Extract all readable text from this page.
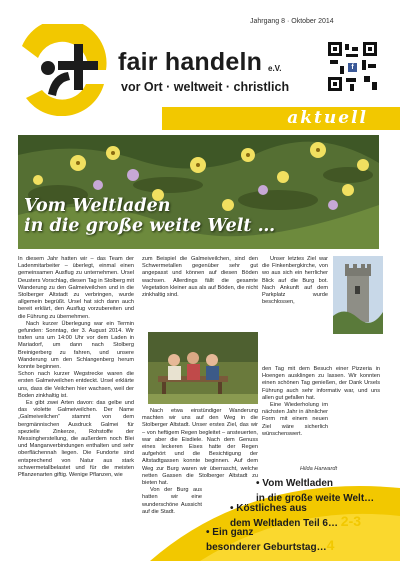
Jahrgang 8 · Oktober 2014
fair handeln e.V.
vor Ort · weltweit · christlich
f
aktuell
Vom Weltladen
in die große weite Welt …

In diesem Jahr hatten wir – das Team der Ladenmitarbeiter – überlegt, einmal einen gemeinsamen Ausflug zu unternehmen. Ursel Deusters Vorschlag, diesen Tag in Stolberg mit Wanderung zu den Galmeiveilchen und in die Stolberger Altstadt zu verbringen, wurde allgemein begrüßt. Ursel hat sich dann auch bereit erklärt, den Ausflug vorzubereiten und die Führung zu übernehmen.

Nach kurzer Überlegung war ein Termin gefunden: Sonntag, der 3. August 2014. Wir trafen uns um 14:00 Uhr vor dem Laden in Mariadorf, um dann nach Stolberg Breinigerberg zu fahren, und unsere Wanderung um den Schlangenberg herum konnte beginnen.

Schon nach kurzer Wegstrecke waren die ersten Galmeiveilchen entdeckt. Ursel erklärte uns, dass die Veilchen hier wachsen, weil der Boden zinkhaltig ist.

Es gibt zwei Arten davon: das gelbe und das violette Galmeiveilchen. Der Name „Galmeiveilchen“ stammt von dem bergmännischen Ausdruck Galmei für spezielle Zinkerze, Rohstoffe der Messingherstellung, die außerdem noch Blei und Manganverbindungen enthalten und sehr oberflächennah liegen. Die Fundorte sind entsprechend von Natur aus stark schwermetallbelastet und für die meisten Pflanzenarten giftig. Wenige Pflanzen, wie

zum Beispiel die Galmeiveilchen, sind den Schwermetallen gegenüber sehr gut angepasst und können auf diesen Böden wachsen. Allerdings fällt die gesamte Vegetation kleiner aus als auf Böden, die nicht zinkhaltig sind.

Nach etwa einstündiger Wanderung machten wir uns auf den Weg in die Stolberger Altstadt. Unser erstes Ziel, das wir – von heftigem Regen begleitet – ansteuerten, war aber die Eisdiele. Nach dem Genuss eines leckeren Eises hatte der Regen aufgehört und die Besichtigung der Altstadtgassen konnte beginnen. Auf dem Weg zur Burg waren wir überrascht, welche netten Gassen die Stolberger Altstadt zu bieten hat.

Von der Burg aus hatten wir eine wunderschöne Aussicht auf die Stadt.

Unser letztes Ziel war die Finkenbergkirche, von wo aus sich ein herrlicher Blick auf die Burg bot. Nach Ankunft auf dem Parkplatz wurde beschlossen,

den Tag mit dem Besuch einer Pizzeria in Hoengen ausklingen zu lassen. Wir konnten einen schönen Tag genießen, der Dank Ursels Führung auch sehr informativ war, und uns allen gut gefallen hat.

Eine Wiederholung im nächsten Jahr in ähnlicher Form mit einem neuen Ziel wäre sicherlich wünschenswert.

Hilda Harwardt
• Vom Weltladen
in die große weite Welt…1
• Köstliches aus
dem Weltladen Teil 6… 2-3
• Ein ganz
besonderer Geburtstag…4
